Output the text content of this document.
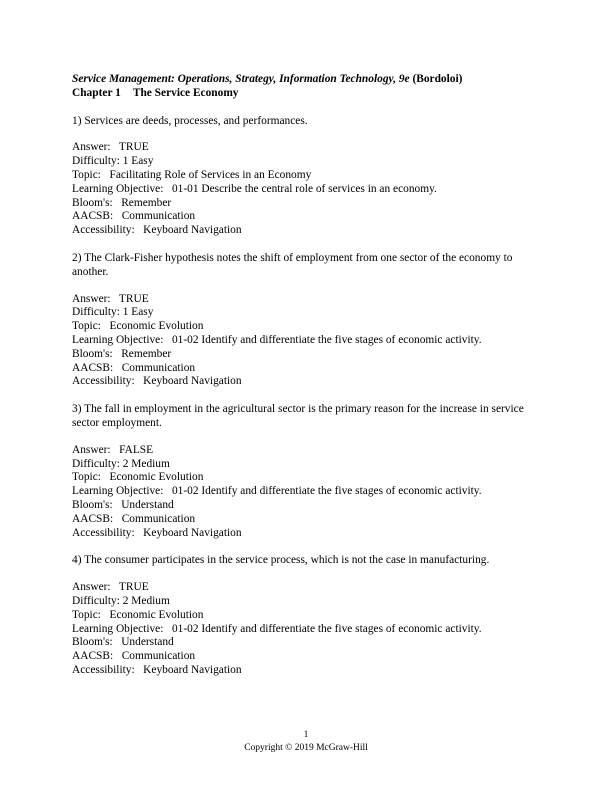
Service Management: Operations, Strategy, Information Technology, 9e (Bordoloi)
Chapter 1 The Service Economy
1) Services are deeds, processes, and performances.
Answer:   TRUE
Difficulty: 1 Easy
Topic:   Facilitating Role of Services in an Economy
Learning Objective:   01-01 Describe the central role of services in an economy.
Bloom's:   Remember
AACSB:   Communication
Accessibility:   Keyboard Navigation
2) The Clark-Fisher hypothesis notes the shift of employment from one sector of the economy to another.
Answer:   TRUE
Difficulty: 1 Easy
Topic:   Economic Evolution
Learning Objective:   01-02 Identify and differentiate the five stages of economic activity.
Bloom's:   Remember
AACSB:   Communication
Accessibility:   Keyboard Navigation
3) The fall in employment in the agricultural sector is the primary reason for the increase in service sector employment.
Answer:   FALSE
Difficulty: 2 Medium
Topic:   Economic Evolution
Learning Objective:   01-02 Identify and differentiate the five stages of economic activity.
Bloom's:   Understand
AACSB:   Communication
Accessibility:   Keyboard Navigation
4) The consumer participates in the service process, which is not the case in manufacturing.
Answer:   TRUE
Difficulty: 2 Medium
Topic:   Economic Evolution
Learning Objective:   01-02 Identify and differentiate the five stages of economic activity.
Bloom's:   Understand
AACSB:   Communication
Accessibility:   Keyboard Navigation
1
Copyright © 2019 McGraw-Hill
